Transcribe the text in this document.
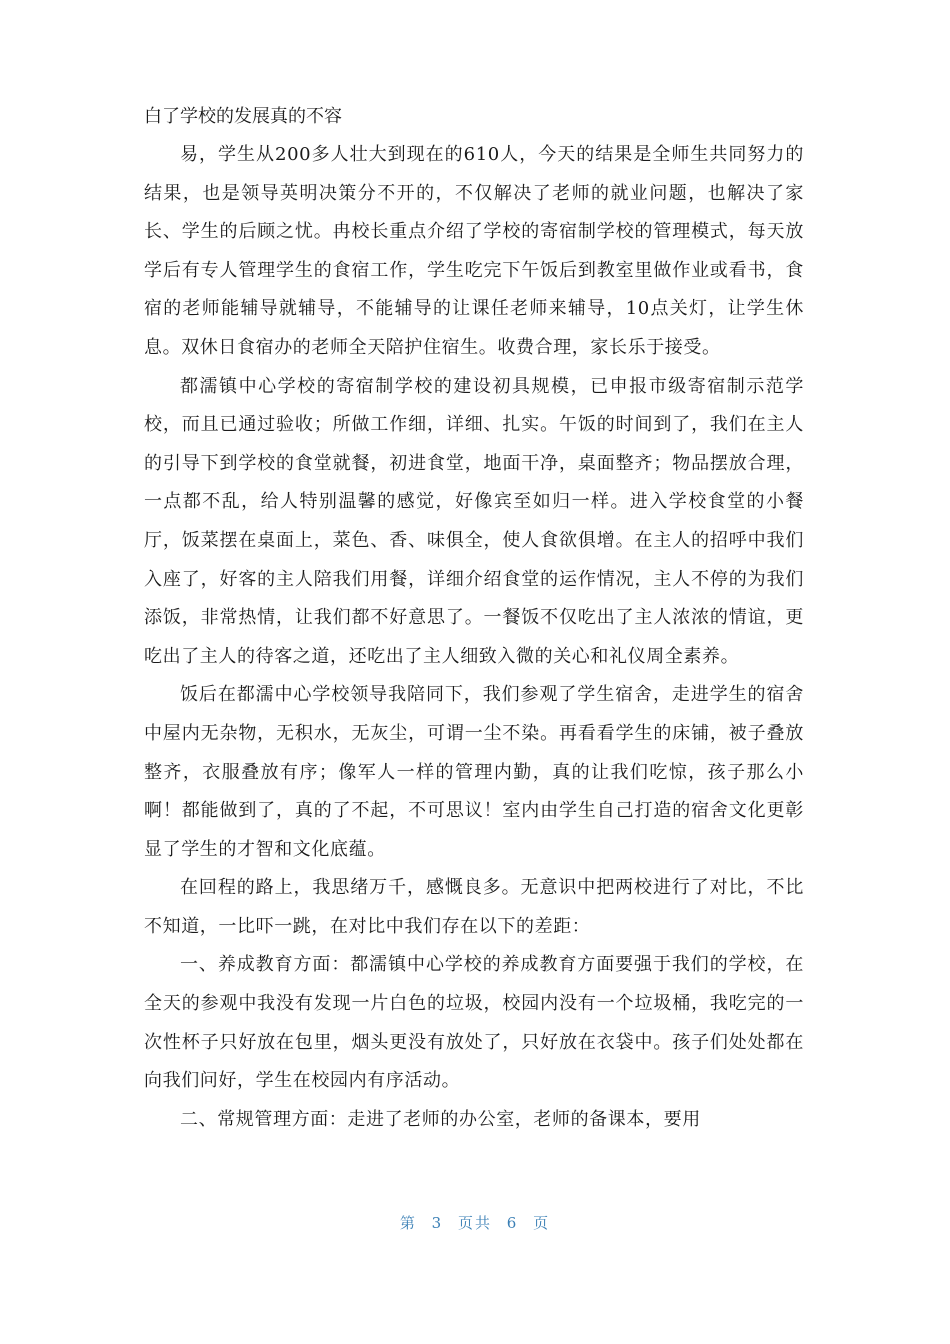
白了学校的发展真的不容

易，学生从200多人壮大到现在的610人，今天的结果是全师生共同努力的结果，也是领导英明决策分不开的，不仅解决了老师的就业问题，也解决了家长、学生的后顾之忧。冉校长重点介绍了学校的寄宿制学校的管理模式，每天放学后有专人管理学生的食宿工作，学生吃完下午饭后到教室里做作业或看书，食宿的老师能辅导就辅导，不能辅导的让课任老师来辅导，10点关灯，让学生休息。双休日食宿办的老师全天陪护住宿生。收费合理，家长乐于接受。

都濡镇中心学校的寄宿制学校的建设初具规模，已申报市级寄宿制示范学校，而且已通过验收；所做工作细，详细、扎实。午饭的时间到了，我们在主人的引导下到学校的食堂就餐，初进食堂，地面干净，桌面整齐；物品摆放合理，一点都不乱，给人特别温馨的感觉，好像宾至如归一样。进入学校食堂的小餐厅，饭菜摆在桌面上，菜色、香、味俱全，使人食欲俱增。在主人的招呼中我们入座了，好客的主人陪我们用餐，详细介绍食堂的运作情况，主人不停的为我们添饭，非常热情，让我们都不好意思了。一餐饭不仅吃出了主人浓浓的情谊，更吃出了主人的待客之道，还吃出了主人细致入微的关心和礼仪周全素养。

饭后在都濡中心学校领导我陪同下，我们参观了学生宿舍，走进学生的宿舍中屋内无杂物，无积水，无灰尘，可谓一尘不染。再看看学生的床铺，被子叠放整齐，衣服叠放有序；像军人一样的管理内勤，真的让我们吃惊，孩子那么小啊！都能做到了，真的了不起，不可思议！室内由学生自己打造的宿舍文化更彰显了学生的才智和文化底蕴。

在回程的路上，我思绪万千，感慨良多。无意识中把两校进行了对比，不比不知道，一比吓一跳，在对比中我们存在以下的差距：

一、养成教育方面：都濡镇中心学校的养成教育方面要强于我们的学校，在全天的参观中我没有发现一片白色的垃圾，校园内没有一个垃圾桶，我吃完的一次性杯子只好放在包里，烟头更没有放处了，只好放在衣袋中。孩子们处处都在向我们问好，学生在校园内有序活动。

二、常规管理方面：走进了老师的办公室，老师的备课本，要用

第 3 页共 6 页
